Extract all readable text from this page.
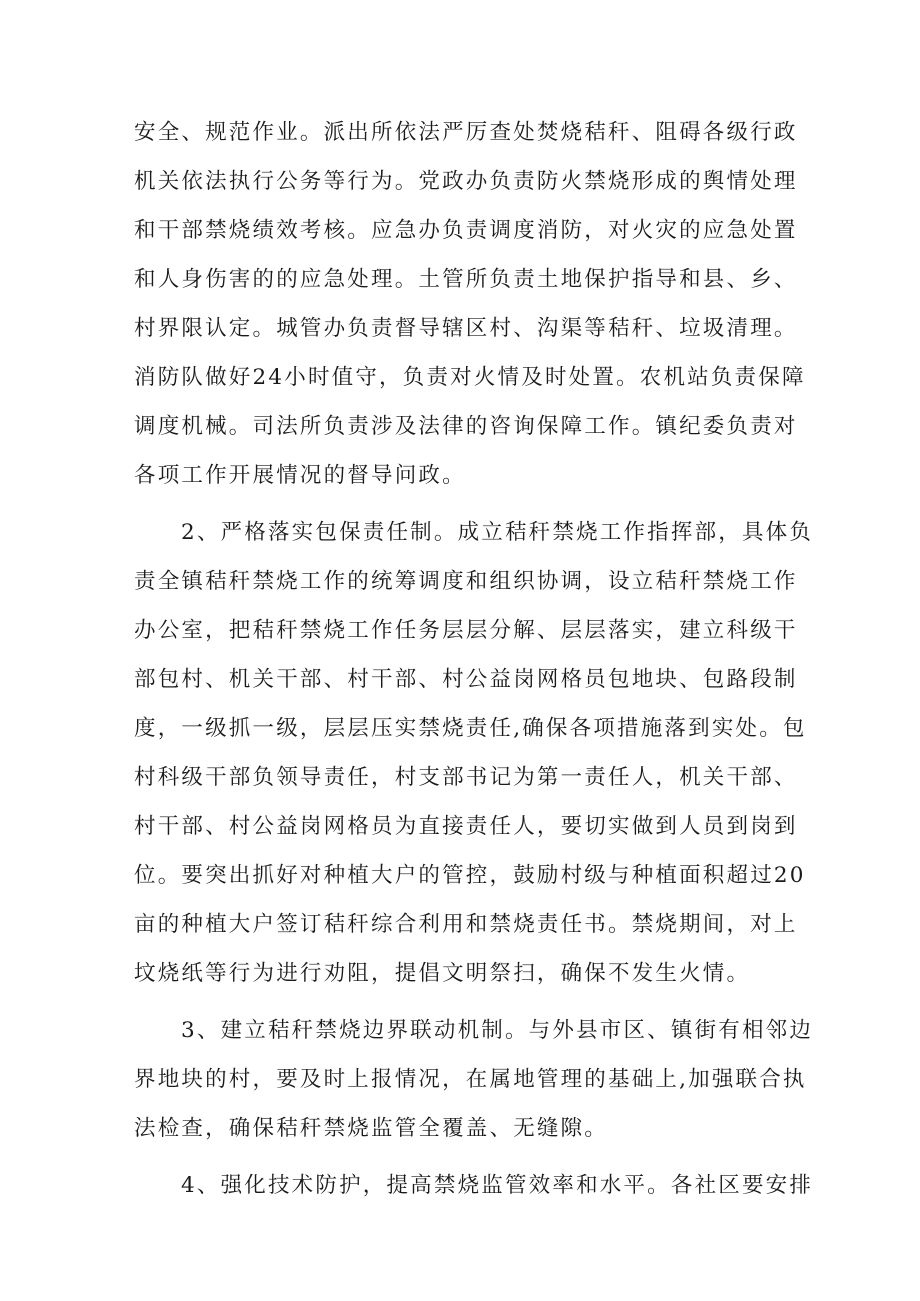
安全、规范作业。派出所依法严厉查处焚烧秸秆、阻碍各级行政
机关依法执行公务等行为。党政办负责防火禁烧形成的舆情处理
和干部禁烧绩效考核。应急办负责调度消防，对火灾的应急处置
和人身伤害的的应急处理。土管所负责土地保护指导和县、乡、
村界限认定。城管办负责督导辖区村、沟渠等秸秆、垃圾清理。
消防队做好24小时值守，负责对火情及时处置。农机站负责保障
调度机械。司法所负责涉及法律的咨询保障工作。镇纪委负责对
各项工作开展情况的督导问政。
2、严格落实包保责任制。成立秸秆禁烧工作指挥部，具体负
责全镇秸秆禁烧工作的统筹调度和组织协调，设立秸秆禁烧工作
办公室，把秸秆禁烧工作任务层层分解、层层落实，建立科级干
部包村、机关干部、村干部、村公益岗网格员包地块、包路段制
度，一级抓一级，层层压实禁烧责任,确保各项措施落到实处。包
村科级干部负领导责任，村支部书记为第一责任人，机关干部、
村干部、村公益岗网格员为直接责任人，要切实做到人员到岗到
位。要突出抓好对种植大户的管控，鼓励村级与种植面积超过20
亩的种植大户签订秸秆综合利用和禁烧责任书。禁烧期间，对上
坟烧纸等行为进行劝阻，提倡文明祭扫，确保不发生火情。
3、建立秸秆禁烧边界联动机制。与外县市区、镇街有相邻边
界地块的村，要及时上报情况，在属地管理的基础上,加强联合执
法检查，确保秸秆禁烧监管全覆盖、无缝隙。
4、强化技术防护，提高禁烧监管效率和水平。各社区要安排
